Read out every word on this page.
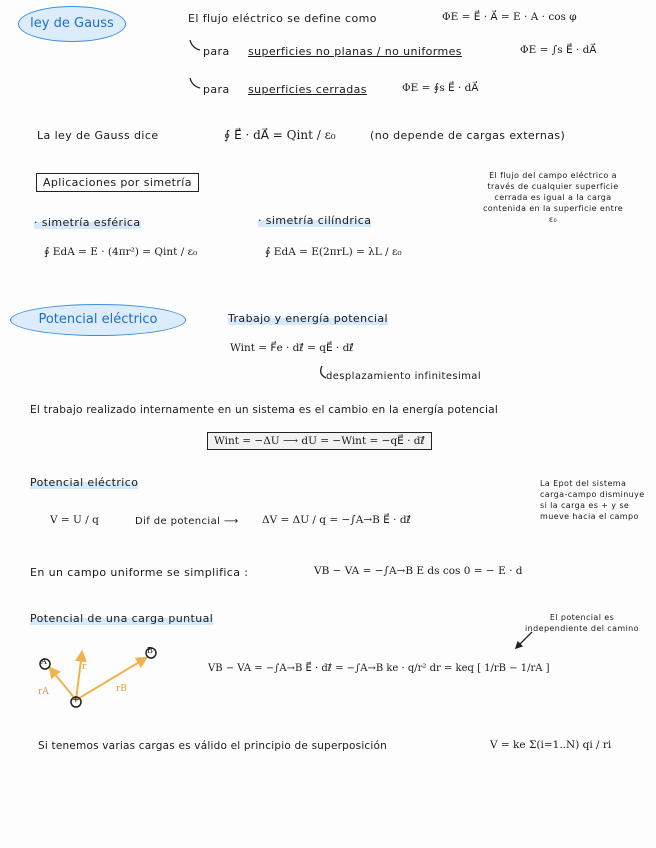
ley de Gauss	El flujo eléctrico se define como	ΦE = E⃗ · A⃗ = E · A · cos φ
para superficies no planas / no uniformes	ΦE = ∫s E⃗ · dA⃗
para superficies cerradas	ΦE = ∮s E⃗ · dA⃗
La ley de Gauss dice	∮ E⃗ · dA⃗ = Qint / ε₀	(no depende de cargas externas)
Aplicaciones por simetría
· simetría esférica
∮ EdA = E · (4πr²) = Qint / ε₀
· simetría cilíndrica
∮ EdA = E(2πrL) = λL / ε₀
El flujo del campo eléctrico a través de cualquier superficie cerrada es igual a la carga contenida en la superficie entre ε₀
Potencial eléctrico	Trabajo y energía potencial
Wint = F⃗e · dℓ⃗ = qE⃗ · dℓ⃗
desplazamiento infinitesimal
El trabajo realizado internamente en un sistema es el cambio en la energía potencial
Wint = −ΔU ⟶ dU = −Wint = −qE⃗ · dℓ⃗
Potencial eléctrico
V = U / q	Dif de potencial ⟶ ΔV = ΔU / q = −∫A→B E⃗ · dℓ⃗
En un campo uniforme se simplifica :	VB − VA = −∫A→B E ds cos 0 = − E · d
La Epot del sistema carga-campo disminuye si la carga es + y se mueve hacia el campo
Potencial de una carga puntual	El potencial es independiente del camino
VB − VA = −∫A→B E⃗ · dℓ⃗ = −∫A→B ke · q/r² dr = keq [ 1/rB − 1/rA ]
A
B
+
r
rA	rB
Si tenemos varias cargas es válido el principio de superposición	V = ke Σ(i=1..N) qi / ri
